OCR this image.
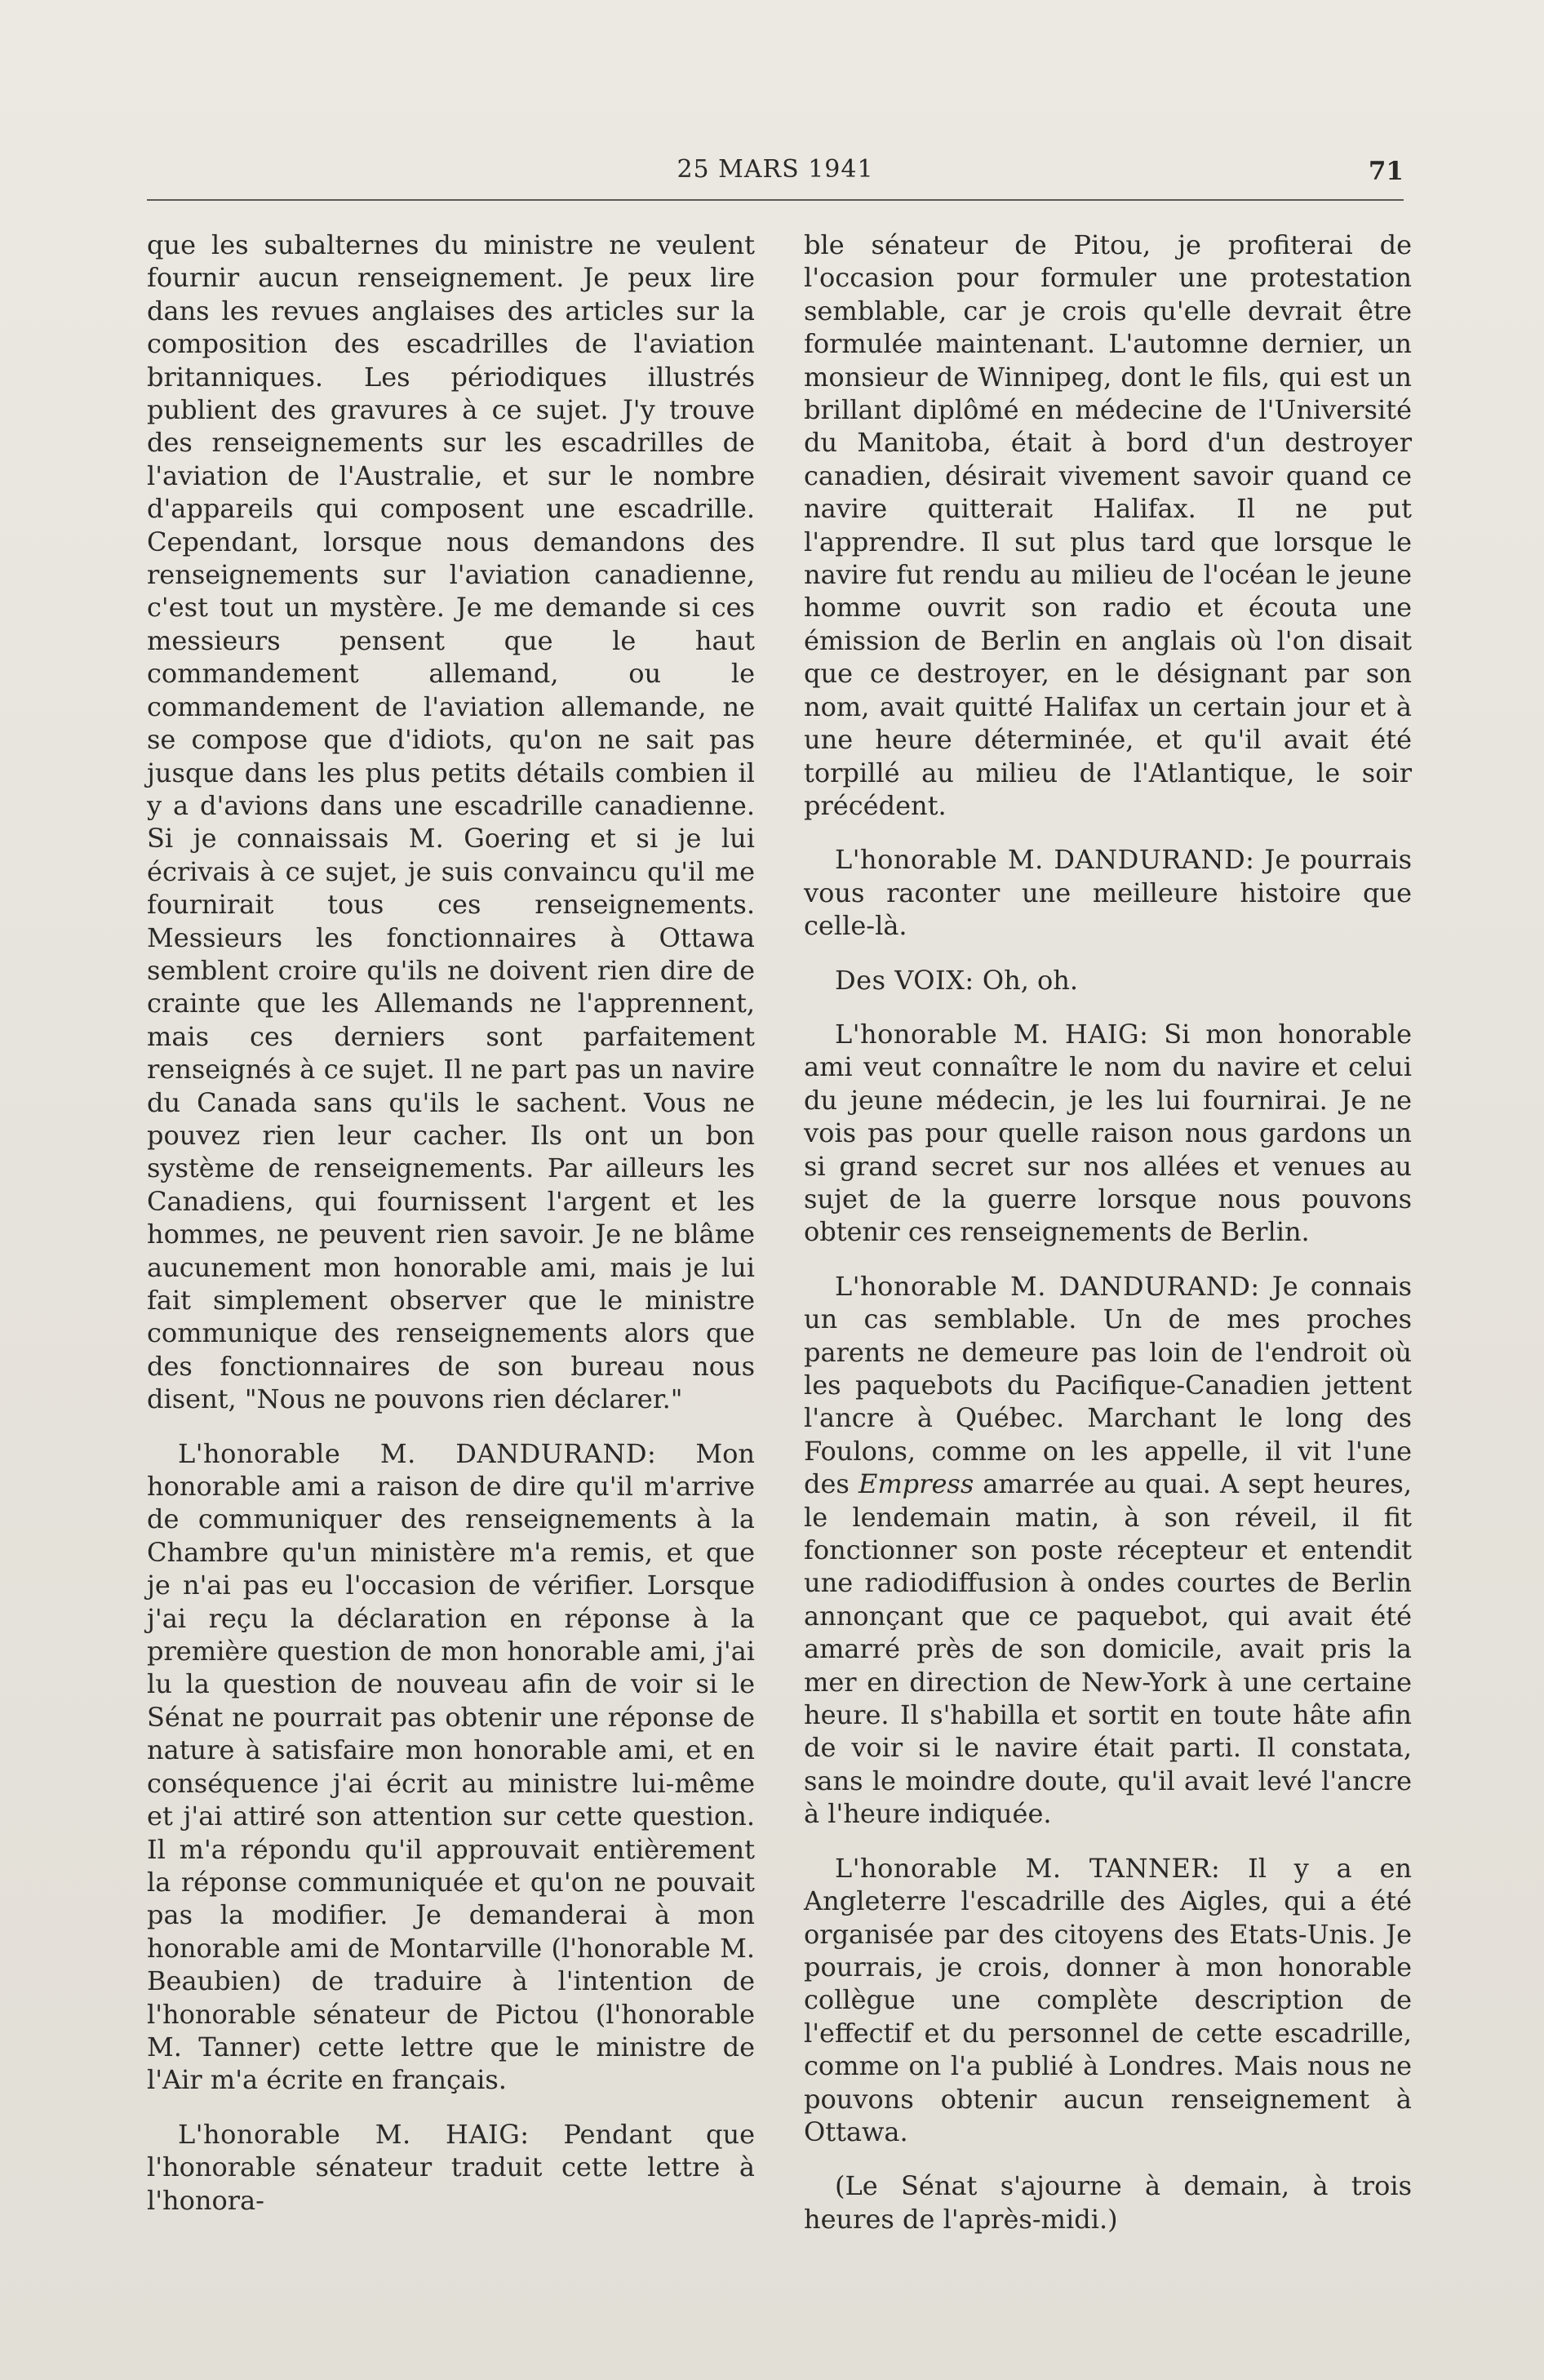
25 MARS 1941	71

que les subalternes du ministre ne veulent fournir aucun renseignement. Je peux lire dans les revues anglaises des articles sur la composition des escadrilles de l'aviation britanniques. Les périodiques illustrés publient des gravures à ce sujet. J'y trouve des renseignements sur les escadrilles de l'aviation de l'Australie, et sur le nombre d'appareils qui composent une escadrille. Cependant, lorsque nous demandons des renseignements sur l'aviation canadienne, c'est tout un mystère. Je me demande si ces messieurs pensent que le haut commandement allemand, ou le commandement de l'aviation allemande, ne se compose que d'idiots, qu'on ne sait pas jusque dans les plus petits détails combien il y a d'avions dans une escadrille canadienne. Si je connaissais M. Goering et si je lui écrivais à ce sujet, je suis convaincu qu'il me fournirait tous ces renseignements. Messieurs les fonctionnaires à Ottawa semblent croire qu'ils ne doivent rien dire de crainte que les Allemands ne l'apprennent, mais ces derniers sont parfaitement renseignés à ce sujet. Il ne part pas un navire du Canada sans qu'ils le sachent. Vous ne pouvez rien leur cacher. Ils ont un bon système de renseignements. Par ailleurs les Canadiens, qui fournissent l'argent et les hommes, ne peuvent rien savoir. Je ne blâme aucunement mon honorable ami, mais je lui fait simplement observer que le ministre communique des renseignements alors que des fonctionnaires de son bureau nous disent, "Nous ne pouvons rien déclarer."

L'honorable M. DANDURAND: Mon honorable ami a raison de dire qu'il m'arrive de communiquer des renseignements à la Chambre qu'un ministère m'a remis, et que je n'ai pas eu l'occasion de vérifier. Lorsque j'ai reçu la déclaration en réponse à la première question de mon honorable ami, j'ai lu la question de nouveau afin de voir si le Sénat ne pourrait pas obtenir une réponse de nature à satisfaire mon honorable ami, et en conséquence j'ai écrit au ministre lui-même et j'ai attiré son attention sur cette question. Il m'a répondu qu'il approuvait entièrement la réponse communiquée et qu'on ne pouvait pas la modifier. Je demanderai à mon honorable ami de Montarville (l'honorable M. Beaubien) de traduire à l'intention de l'honorable sénateur de Pictou (l'honorable M. Tanner) cette lettre que le ministre de l'Air m'a écrite en français.

L'honorable M. HAIG: Pendant que l'honorable sénateur traduit cette lettre à l'honora-

ble sénateur de Pitou, je profiterai de l'occasion pour formuler une protestation semblable, car je crois qu'elle devrait être formulée maintenant. L'automne dernier, un monsieur de Winnipeg, dont le fils, qui est un brillant diplômé en médecine de l'Université du Manitoba, était à bord d'un destroyer canadien, désirait vivement savoir quand ce navire quitterait Halifax. Il ne put l'apprendre. Il sut plus tard que lorsque le navire fut rendu au milieu de l'océan le jeune homme ouvrit son radio et écouta une émission de Berlin en anglais où l'on disait que ce destroyer, en le désignant par son nom, avait quitté Halifax un certain jour et à une heure déterminée, et qu'il avait été torpillé au milieu de l'Atlantique, le soir précédent.

L'honorable M. DANDURAND: Je pourrais vous raconter une meilleure histoire que celle-là.

Des VOIX: Oh, oh.

L'honorable M. HAIG: Si mon honorable ami veut connaître le nom du navire et celui du jeune médecin, je les lui fournirai. Je ne vois pas pour quelle raison nous gardons un si grand secret sur nos allées et venues au sujet de la guerre lorsque nous pouvons obtenir ces renseignements de Berlin.

L'honorable M. DANDURAND: Je connais un cas semblable. Un de mes proches parents ne demeure pas loin de l'endroit où les paquebots du Pacifique-Canadien jettent l'ancre à Québec. Marchant le long des Foulons, comme on les appelle, il vit l'une des Empress amarrée au quai. A sept heures, le lendemain matin, à son réveil, il fit fonctionner son poste récepteur et entendit une radiodiffusion à ondes courtes de Berlin annonçant que ce paquebot, qui avait été amarré près de son domicile, avait pris la mer en direction de New-York à une certaine heure. Il s'habilla et sortit en toute hâte afin de voir si le navire était parti. Il constata, sans le moindre doute, qu'il avait levé l'ancre à l'heure indiquée.

L'honorable M. TANNER: Il y a en Angleterre l'escadrille des Aigles, qui a été organisée par des citoyens des Etats-Unis. Je pourrais, je crois, donner à mon honorable collègue une complète description de l'effectif et du personnel de cette escadrille, comme on l'a publié à Londres. Mais nous ne pouvons obtenir aucun renseignement à Ottawa.

(Le Sénat s'ajourne à demain, à trois heures de l'après-midi.)
